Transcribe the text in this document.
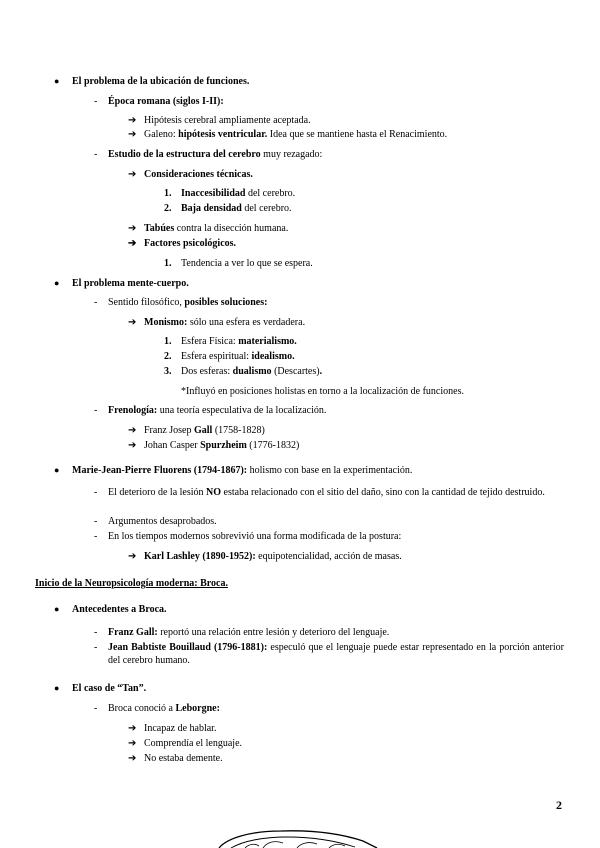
● El problema de la ubicación de funciones.
- Época romana (siglos I-II):
➔ Hipótesis cerebral ampliamente aceptada.
➔ Galeno: hipótesis ventricular. Idea que se mantiene hasta el Renacimiento.
- Estudio de la estructura del cerebro muy rezagado:
➔ Consideraciones técnicas.
1. Inaccesibilidad del cerebro.
2. Baja densidad del cerebro.
➔ Tabúes contra la disección humana.
➔ Factores psicológicos.
1. Tendencia a ver lo que se espera.
● El problema mente-cuerpo.
- Sentido filosófico, posibles soluciones:
➔ Monismo: sólo una esfera es verdadera.
1. Esfera Física: materialismo.
2. Esfera espiritual: idealismo.
3. Dos esferas: dualismo (Descartes).
*Influyó en posiciones holistas en torno a la localización de funciones.
- Frenología: una teoría especulativa de la localización.
➔ Franz Josep Gall (1758-1828)
➔ Johan Casper Spurzheim (1776-1832)
● Marie-Jean-Pierre Fluorens (1794-1867): holismo con base en la experimentación.
- El deterioro de la lesión NO estaba relacionado con el sitio del daño, sino con la cantidad de tejido destruido.
- Argumentos desaprobados.
- En los tiempos modernos sobrevivió una forma modificada de la postura:
➔ Karl Lashley (1890-1952): equipotencialidad, acción de masas.
Inicio de la Neuropsicología moderna: Broca.
● Antecedentes a Broca.
- Franz Gall: reportó una relación entre lesión y deterioro del lenguaje.
- Jean Babtiste Bouillaud (1796-1881): especuló que el lenguaje puede estar representado en la porción anterior del cerebro humano.
● El caso de “Tan”.
- Broca conoció a Leborgne:
➔ Incapaz de hablar.
➔ Comprendía el lenguaje.
➔ No estaba demente.
2
